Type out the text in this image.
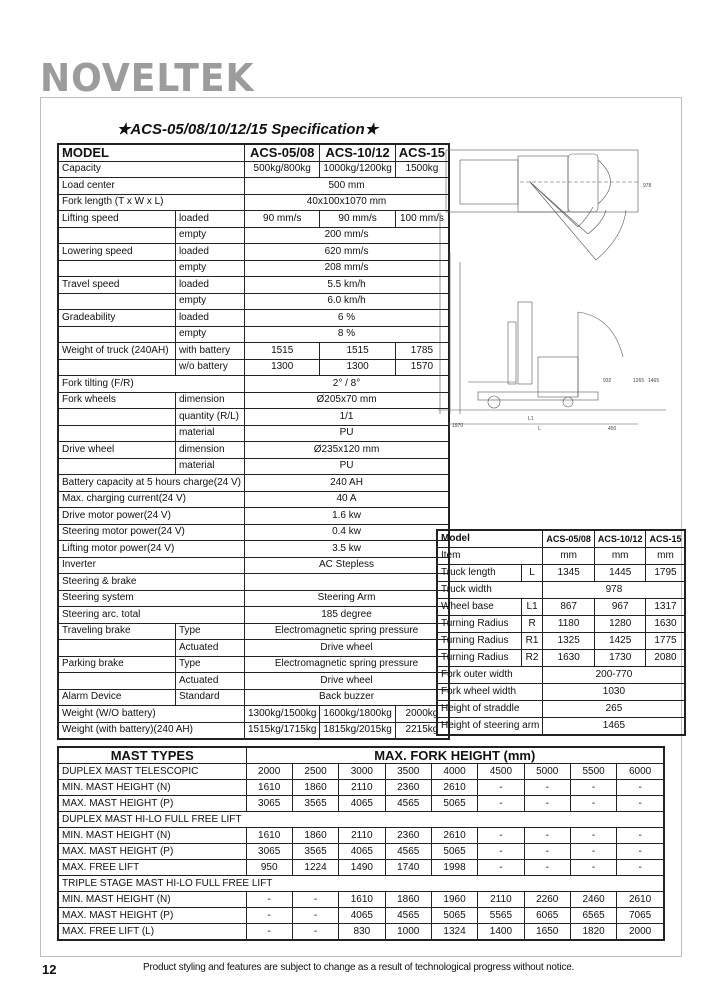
NOVELTEK
★ACS-05/08/10/12/15 Specification★
MODEL		ACS-05/08	ACS-10/12	ACS-15
Capacity		500kg/800kg	1000kg/1200kg	1500kg
Load center		500 mm		
Fork length (T x W x L)		40x100x1070 mm		
Lifting speed	loaded	90 mm/s	90 mm/s	100 mm/s
	empty	200 mm/s		
Lowering speed	loaded	620 mm/s		
	empty	208 mm/s		
Travel speed	loaded	5.5 km/h		
	empty	6.0 km/h		
Gradeability	loaded	6 %		
	empty	8 %		
Weight of truck (240AH)	with battery	1515	1515	1785
	w/o battery	1300	1300	1570
Fork tilting (F/R)		2° / 8°		
Fork wheels	dimension	Ø205x70 mm		
	quantity (R/L)	1/1		
	material	PU		
Drive wheel	dimension	Ø235x120 mm		
	material	PU		
Battery capacity at 5 hours charge(24 V)		240 AH		
Max. charging current(24 V)		40 A		
Drive motor power(24 V)		1.6 kw		
Steering motor power(24 V)		0.4 kw		
Lifting motor power(24 V)		3.5 kw		
Inverter		AC Stepless		
Steering & brake				
Steering system		Steering Arm		
Steering arc. total		185 degree		
Traveling brake	Type	Electromagnetic spring pressure		
	Actuated	Drive wheel		
Parking brake	Type	Electromagnetic spring pressure		
	Actuated	Drive wheel		
Alarm Device	Standard	Back buzzer		
Weight (W/O battery)		1300kg/1500kg	1600kg/1800kg	2000kg
Weight (with battery)(240 AH)		1515kg/1715kg	1815kg/2015kg	2215kg
1970
L1
L	450
978
932	1265 1465
Model		ACS-05/08	ACS-10/12	ACS-15
Item		mm	mm	mm
Truck length	L	1345	1445	1795
Truck width		978		
Wheel base	L1	867	967	1317
Turning Radius	R	1180	1280	1630
Turning Radius	R1	1325	1425	1775
Turning Radius	R2	1630	1730	2080
Fork outer width		200-770		
Fork wheel width		1030		
Height of straddle		265		
Height of steering arm		1465		
MAST TYPES	MAX. FORK HEIGHT (mm)								
DUPLEX MAST TELESCOPIC	2000	2500	3000	3500	4000	4500	5000	5500	6000
MIN. MAST HEIGHT (N)	1610	1860	2110	2360	2610	-	-	-	-
MAX. MAST HEIGHT (P)	3065	3565	4065	4565	5065	-	-	-	-
DUPLEX MAST HI-LO FULL FREE LIFT									
MIN. MAST HEIGHT (N)	1610	1860	2110	2360	2610	-	-	-	-
MAX. MAST HEIGHT (P)	3065	3565	4065	4565	5065	-	-	-	-
MAX. FREE LIFT	950	1224	1490	1740	1998	-	-	-	-
TRIPLE STAGE MAST HI-LO FULL FREE LIFT									
MIN. MAST HEIGHT (N)	-	-	1610	1860	1960	2110	2260	2460	2610
MAX. MAST HEIGHT (P)	-	-	4065	4565	5065	5565	6065	6565	7065
MAX. FREE LIFT (L)	-	-	830	1000	1324	1400	1650	1820	2000
12	Product styling and features are subject to change as a result of technological progress without notice.
